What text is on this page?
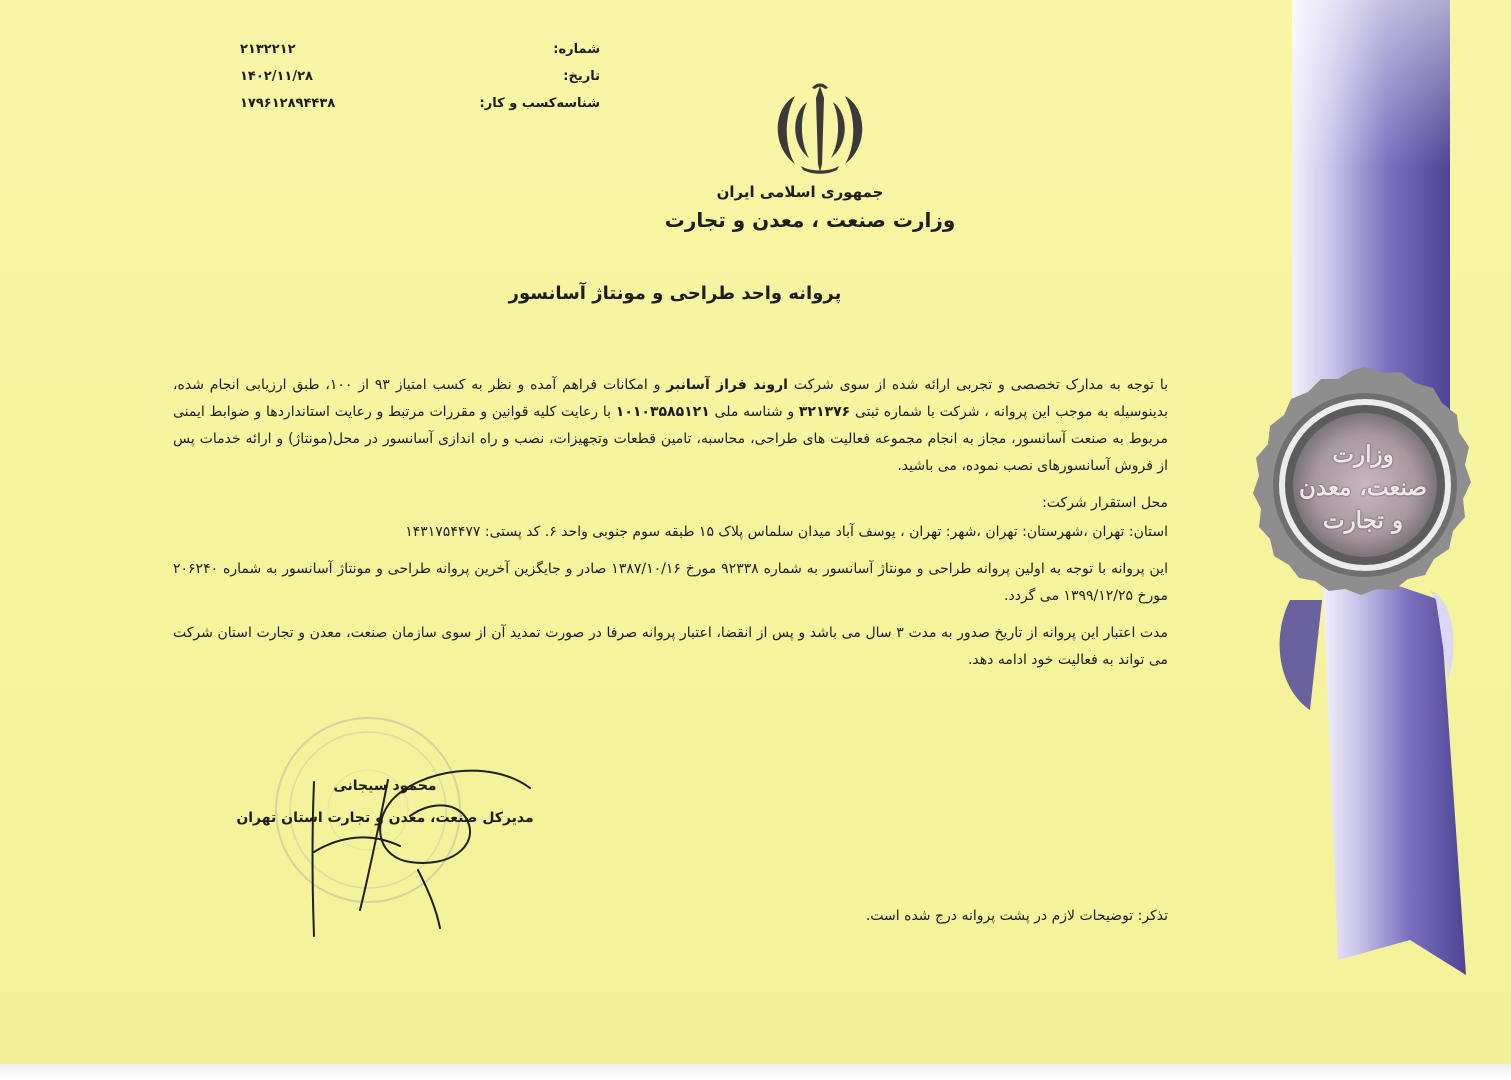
شماره:
۲۱۳۲۲۱۲
تاریخ:
۱۴۰۲/۱۱/۲۸
شناسه‌کسب و کار:
۱۷۹۶۱۲۸۹۴۴۳۸
جمهوری اسلامی ایران
وزارت صنعت ، معدن و تجارت
پروانه واحد طراحی و مونتاژ آسانسور

با توجه به مدارک تخصصی و تجربی ارائه شده از سوی شرکت اروند فراز آسانبر و امکانات فراهم آمده و نظر به کسب امتیاز ۹۳ از ۱۰۰، طبق ارزیابی انجام شده، بدینوسیله به موجب این پروانه ، شرکت با شماره ثبتی ۳۲۱۳۷۶ و شناسه ملی ۱۰۱۰۳۵۸۵۱۲۱ با رعایت کلیه قوانین و مقررات مرتبط و رعایت استانداردها و ضوابط ایمنی مربوط به صنعت آسانسور، مجاز به انجام مجموعه فعالیت های طراحی، محاسبه، تامین قطعات وتجهیزات، نصب و راه اندازی آسانسور در محل(مونتاژ) و ارائه خدمات پس از فروش آسانسورهای نصب نموده، می باشید.

محل استقرار شرکت:

استان: تهران ،شهرستان: تهران ،شهر: تهران ، یوسف آباد میدان سلماس پلاک ۱۵ طبقه سوم جنوبی واحد ۶. کد پستی: ۱۴۳۱۷۵۴۴۷۷

این پروانه با توجه به اولین پروانه طراحی و مونتاژ آسانسور به شماره ۹۲۳۳۸ مورخ ۱۳۸۷/۱۰/۱۶ صادر و جایگزین آخرین پروانه طراحی و مونتاژ آسانسور به شماره ۲۰۶۲۴۰ مورخ ۱۳۹۹/۱۲/۲۵ می گردد.

مدت اعتبار این پروانه از تاریخ صدور به مدت ۳ سال می باشد و پس از انقضا، اعتبار پروانه صرفا در صورت تمدید آن از سوی سازمان صنعت، معدن و تجارت استان شرکت می تواند به فعالیت خود ادامه دهد.

محمود سیجانی
مدیرکل صنعت، معدن و تجارت استان تهران
تذکر: توضیحات لازم در پشت پروانه درج شده است.
وزارت
صنعت، معدن
و تجارت
